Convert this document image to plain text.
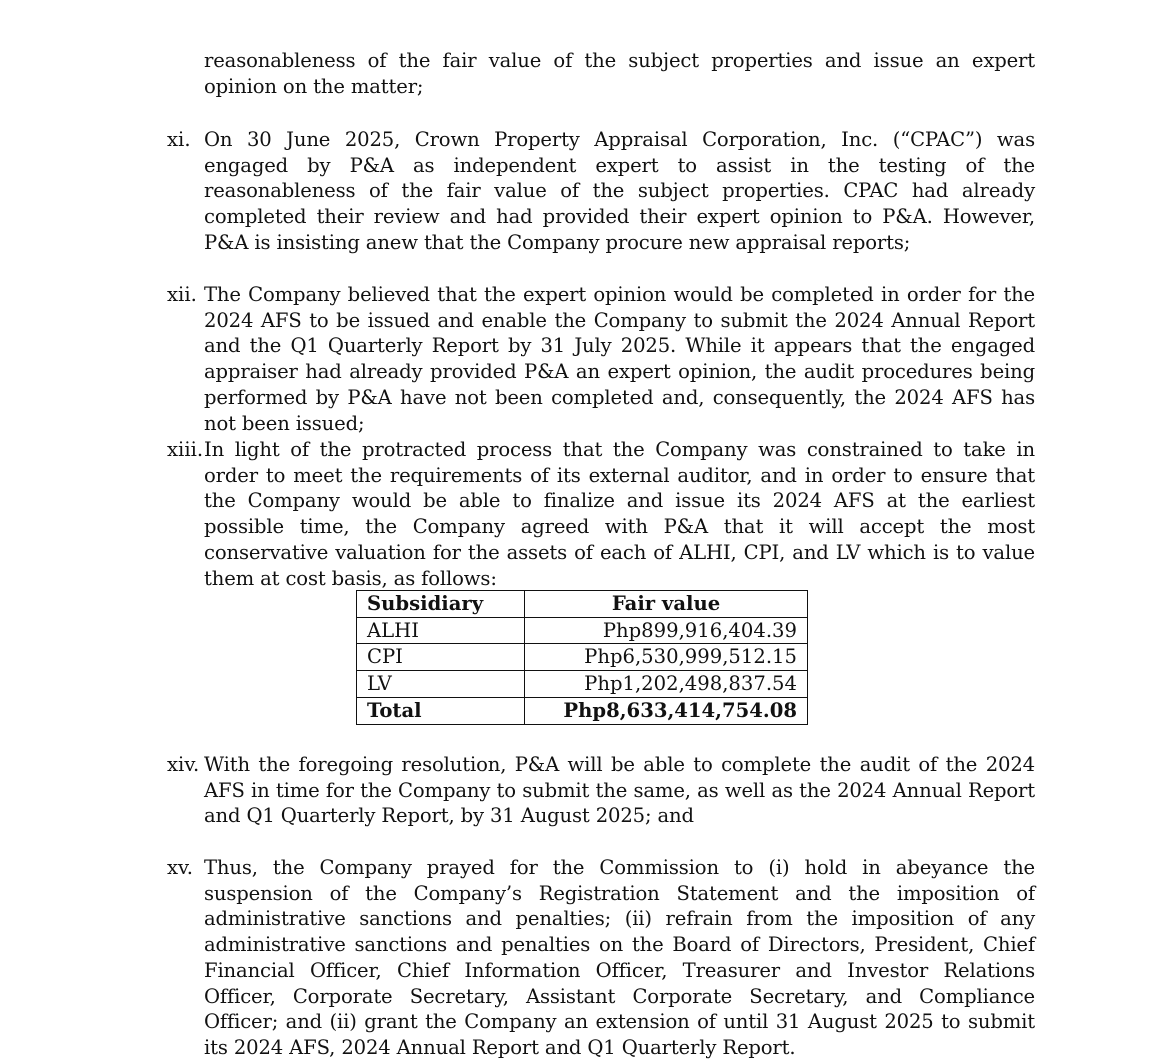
reasonableness of the fair value of the subject properties and issue an expert opinion on the matter;

xi. On 30 June 2025, Crown Property Appraisal Corporation, Inc. (“CPAC”) was engaged by P&A as independent expert to assist in the testing of the reasonableness of the fair value of the subject properties. CPAC had already completed their review and had provided their expert opinion to P&A. However, P&A is insisting anew that the Company procure new appraisal reports;

xii. The Company believed that the expert opinion would be completed in order for the 2024 AFS to be issued and enable the Company to submit the 2024 Annual Report and the Q1 Quarterly Report by 31 July 2025. While it appears that the engaged appraiser had already provided P&A an expert opinion, the audit procedures being performed by P&A have not been completed and, consequently, the 2024 AFS has not been issued;

xiii. In light of the protracted process that the Company was constrained to take in order to meet the requirements of its external auditor, and in order to ensure that the Company would be able to finalize and issue its 2024 AFS at the earliest possible time, the Company agreed with P&A that it will accept the most conservative valuation for the assets of each of ALHI, CPI, and LV which is to value them at cost basis, as follows:

Subsidiary	Fair value
ALHI	Php899,916,404.39
CPI	Php6,530,999,512.15
LV	Php1,202,498,837.54
Total	Php8,633,414,754.08
xiv. With the foregoing resolution, P&A will be able to complete the audit of the 2024 AFS in time for the Company to submit the same, as well as the 2024 Annual Report and Q1 Quarterly Report, by 31 August 2025; and

xv. Thus, the Company prayed for the Commission to (i) hold in abeyance the suspension of the Company’s Registration Statement and the imposition of administrative sanctions and penalties; (ii) refrain from the imposition of any administrative sanctions and penalties on the Board of Directors, President, Chief Financial Officer, Chief Information Officer, Treasurer and Investor Relations Officer, Corporate Secretary, Assistant Corporate Secretary, and Compliance Officer; and (ii) grant the Company an extension of until 31 August 2025 to submit its 2024 AFS, 2024 Annual Report and Q1 Quarterly Report.
